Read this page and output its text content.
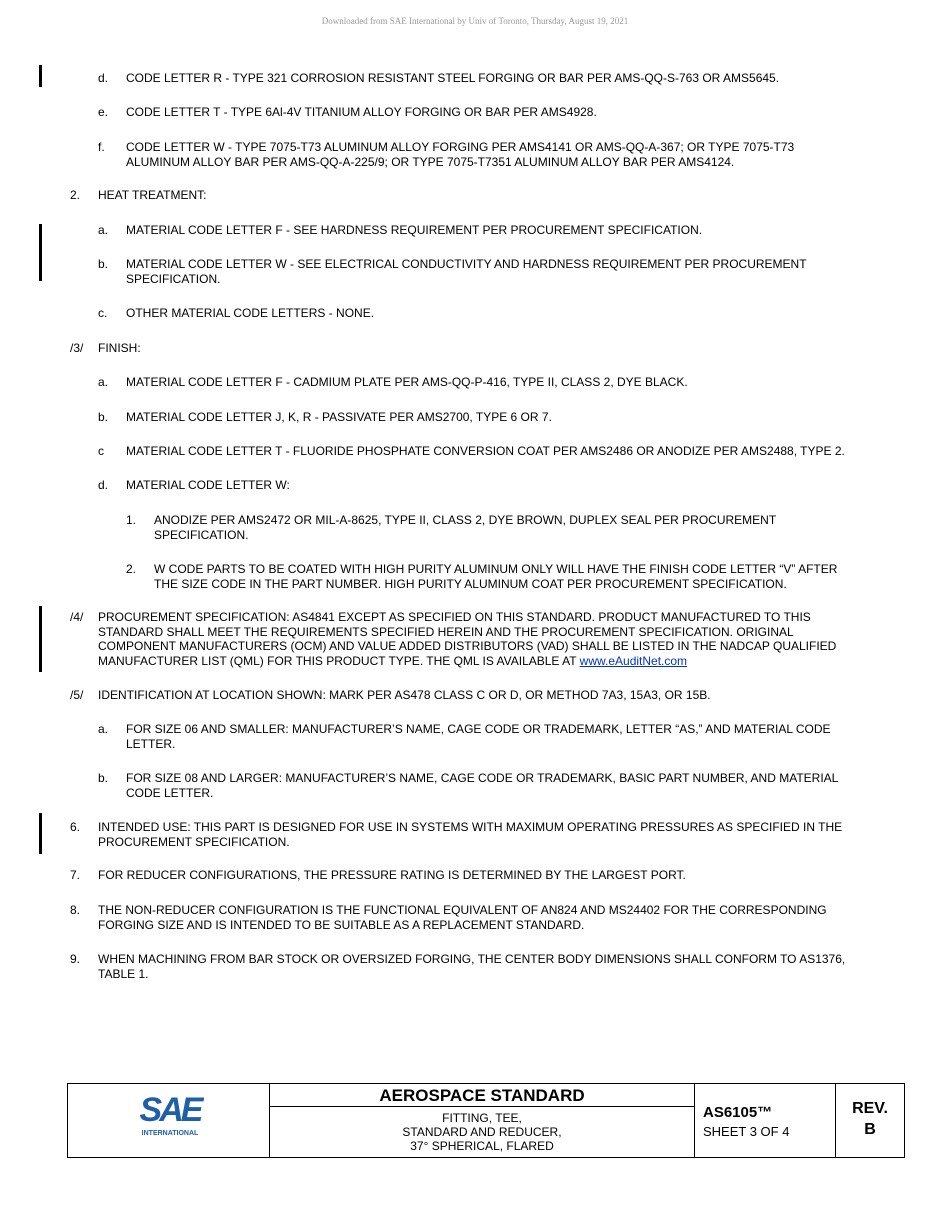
Downloaded from SAE International by Univ of Toronto, Thursday, August 19, 2021
d. CODE LETTER R - TYPE 321 CORROSION RESISTANT STEEL FORGING OR BAR PER AMS-QQ-S-763 OR AMS5645.
e. CODE LETTER T - TYPE 6Al-4V TITANIUM ALLOY FORGING OR BAR PER AMS4928.
f. CODE LETTER W - TYPE 7075-T73 ALUMINUM ALLOY FORGING PER AMS4141 OR AMS-QQ-A-367; OR TYPE 7075-T73
ALUMINUM ALLOY BAR PER AMS-QQ-A-225/9; OR TYPE 7075-T7351 ALUMINUM ALLOY BAR PER AMS4124.
2. HEAT TREATMENT:
a. MATERIAL CODE LETTER F - SEE HARDNESS REQUIREMENT PER PROCUREMENT SPECIFICATION.
b. MATERIAL CODE LETTER W - SEE ELECTRICAL CONDUCTIVITY AND HARDNESS REQUIREMENT PER PROCUREMENT
SPECIFICATION.
c. OTHER MATERIAL CODE LETTERS - NONE.
/3/ FINISH:
a. MATERIAL CODE LETTER F - CADMIUM PLATE PER AMS-QQ-P-416, TYPE II, CLASS 2, DYE BLACK.
b. MATERIAL CODE LETTER J, K, R - PASSIVATE PER AMS2700, TYPE 6 OR 7.
c MATERIAL CODE LETTER T - FLUORIDE PHOSPHATE CONVERSION COAT PER AMS2486 OR ANODIZE PER AMS2488, TYPE 2.
d. MATERIAL CODE LETTER W:
1. ANODIZE PER AMS2472 OR MIL-A-8625, TYPE II, CLASS 2, DYE BROWN, DUPLEX SEAL PER PROCUREMENT
SPECIFICATION.
2. W CODE PARTS TO BE COATED WITH HIGH PURITY ALUMINUM ONLY WILL HAVE THE FINISH CODE LETTER “V” AFTER
THE SIZE CODE IN THE PART NUMBER. HIGH PURITY ALUMINUM COAT PER PROCUREMENT SPECIFICATION.
/4/ PROCUREMENT SPECIFICATION: AS4841 EXCEPT AS SPECIFIED ON THIS STANDARD. PRODUCT MANUFACTURED TO THIS
STANDARD SHALL MEET THE REQUIREMENTS SPECIFIED HEREIN AND THE PROCUREMENT SPECIFICATION. ORIGINAL
COMPONENT MANUFACTURERS (OCM) AND VALUE ADDED DISTRIBUTORS (VAD) SHALL BE LISTED IN THE NADCAP QUALIFIED
MANUFACTURER LIST (QML) FOR THIS PRODUCT TYPE. THE QML IS AVAILABLE AT www.eAuditNet.com
/5/ IDENTIFICATION AT LOCATION SHOWN: MARK PER AS478 CLASS C OR D, OR METHOD 7A3, 15A3, OR 15B.
a. FOR SIZE 06 AND SMALLER: MANUFACTURER’S NAME, CAGE CODE OR TRADEMARK, LETTER “AS,” AND MATERIAL CODE
LETTER.
b. FOR SIZE 08 AND LARGER: MANUFACTURER’S NAME, CAGE CODE OR TRADEMARK, BASIC PART NUMBER, AND MATERIAL
CODE LETTER.
6. INTENDED USE: THIS PART IS DESIGNED FOR USE IN SYSTEMS WITH MAXIMUM OPERATING PRESSURES AS SPECIFIED IN THE
PROCUREMENT SPECIFICATION.
7. FOR REDUCER CONFIGURATIONS, THE PRESSURE RATING IS DETERMINED BY THE LARGEST PORT.
8. THE NON-REDUCER CONFIGURATION IS THE FUNCTIONAL EQUIVALENT OF AN824 AND MS24402 FOR THE CORRESPONDING
FORGING SIZE AND IS INTENDED TO BE SUITABLE AS A REPLACEMENT STANDARD.
9. WHEN MACHINING FROM BAR STOCK OR OVERSIZED FORGING, THE CENTER BODY DIMENSIONS SHALL CONFORM TO AS1376,
TABLE 1.
SAE
INTERNATIONAL
AEROSPACE STANDARD
FITTING, TEE,
STANDARD AND REDUCER,
37° SPHERICAL, FLARED
AS6105™
SHEET 3 OF 4
REV.
B
